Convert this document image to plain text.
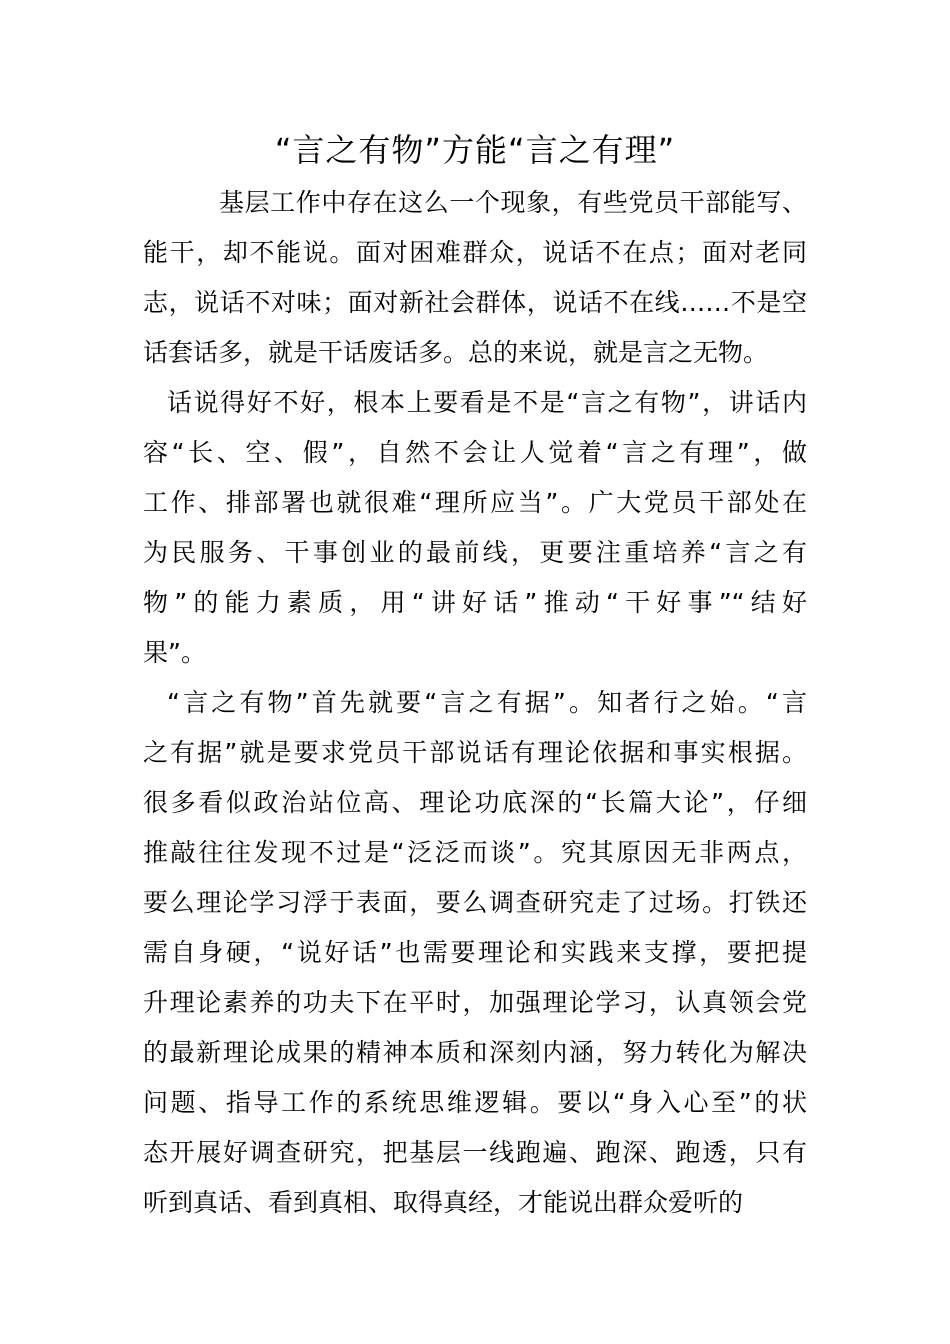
“言之有物”方能“言之有理”
基层工作中存在这么一个现象，有些党员干部能写、
能干，却不能说。面对困难群众，说话不在点；面对老同
志，说话不对味；面对新社会群体，说话不在线……不是空
话套话多，就是干话废话多。总的来说，就是言之无物。
话说得好不好，根本上要看是不是“言之有物”，讲话内
容“长、空、假”，自然不会让人觉着“言之有理”，做
工作、排部署也就很难“理所应当”。广大党员干部处在
为民服务、干事创业的最前线，更要注重培养“言之有
物”的能力素质，用“讲好话”推动“干好事”“结好
果”。
“言之有物”首先就要“言之有据”。知者行之始。“言
之有据”就是要求党员干部说话有理论依据和事实根据。
很多看似政治站位高、理论功底深的“长篇大论”，仔细
推敲往往发现不过是“泛泛而谈”。究其原因无非两点，
要么理论学习浮于表面，要么调查研究走了过场。打铁还
需自身硬，“说好话”也需要理论和实践来支撑，要把提
升理论素养的功夫下在平时，加强理论学习，认真领会党
的最新理论成果的精神本质和深刻内涵，努力转化为解决
问题、指导工作的系统思维逻辑。要以“身入心至”的状
态开展好调查研究，把基层一线跑遍、跑深、跑透，只有
听到真话、看到真相、取得真经，才能说出群众爱听的
